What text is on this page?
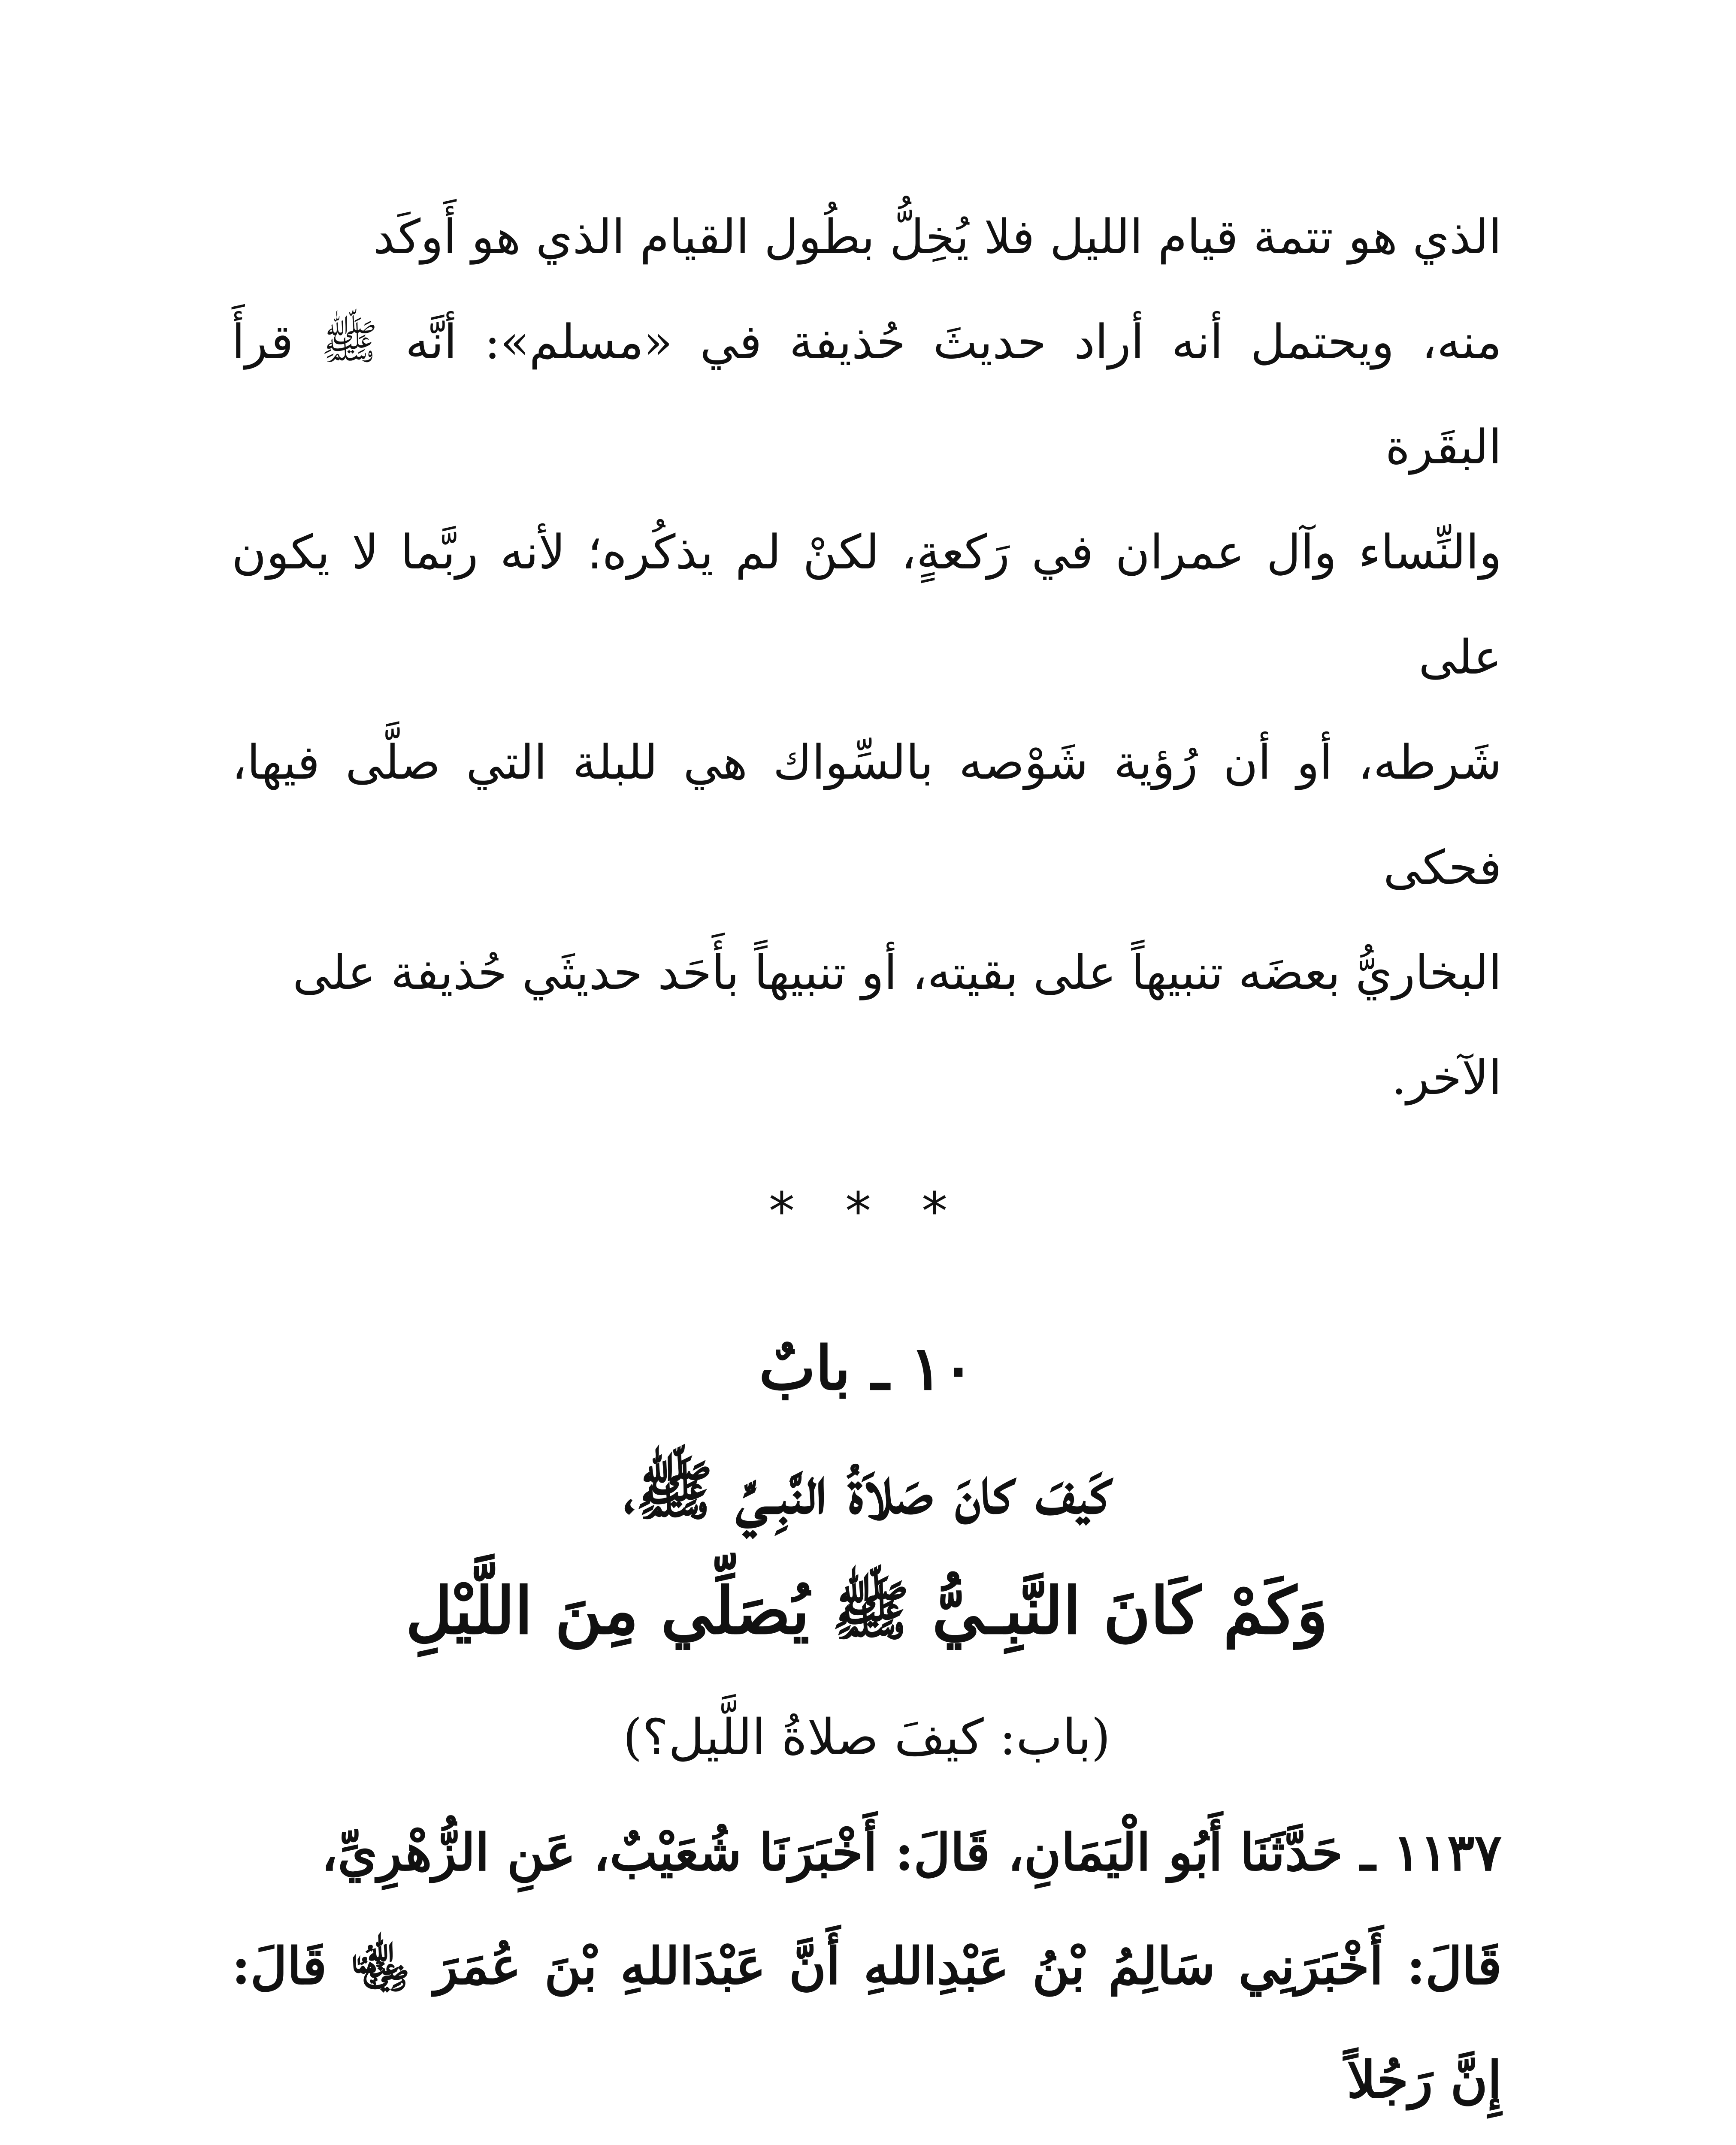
الذي هو تتمة قيام الليل فلا يُخِلُّ بطُول القيام الذي هو أَوكَد

منه، ويحتمل أنه أراد حديثَ حُذيفة في «مسلم»: أنَّه ﷺ قرأَ البقَرة

والنِّساء وآل عمران في رَكعةٍ، لكنْ لم يذكُره؛ لأنه ربَّما لا يكون على

شَرطه، أو أن رُؤية شَوْصه بالسِّواك هي للبلة التي صلَّى فيها، فحكى

البخاريُّ بعضَه تنبيهاً على بقيته، أو تنبيهاً بأَحَد حديثَي حُذيفة على

الآخر.

* * *
١٠ ـ بابٌ
كَيفَ كانَ صَلاَةُ النَّبِـيِّ ﷺ،
وَكَمْ كَانَ النَّبِـيُّ ﷺ يُصَلِّي مِنَ اللَّيْلِ
(باب: كيفَ صلاةُ اللَّيل؟)

١١٣٧ ـ حَدَّثَنَا أَبُو الْيَمَانِ، قَالَ: أَخْبَرَنَا شُعَيْبٌ، عَنِ الزُّهْرِيِّ،

قَالَ: أَخْبَرَنِي سَالِمُ بْنُ عَبْدِاللهِ أَنَّ عَبْدَاللهِ بْنَ عُمَرَ ﵄ قَالَ: إِنَّ رَجُلاً
